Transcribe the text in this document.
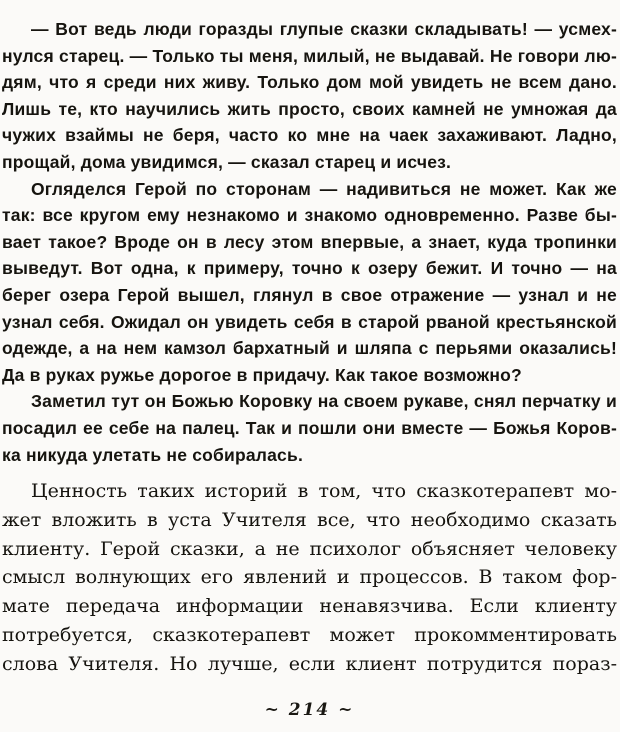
— Вот ведь люди горазды глупые сказки складывать! — усмех-
нулся старец. — Только ты меня, милый, не выдавай. Не говори лю-
дям, что я среди них живу. Только дом мой увидеть не всем дано.
Лишь те, кто научились жить просто, своих камней не умножая да
чужих взаймы не беря, часто ко мне на чаек захаживают. Ладно,
прощай, дома увидимся, — сказал старец и исчез.
Огляделся Герой по сторонам — надивиться не может. Как же
так: все кругом ему незнакомо и знакомо одновременно. Разве бы-
вает такое? Вроде он в лесу этом впервые, а знает, куда тропинки
выведут. Вот одна, к примеру, точно к озеру бежит. И точно — на
берег озера Герой вышел, глянул в свое отражение — узнал и не
узнал себя. Ожидал он увидеть себя в старой рваной крестьянской
одежде, а на нем камзол бархатный и шляпа с перьями оказались!
Да в руках ружье дорогое в придачу. Как такое возможно?
Заметил тут он Божью Коровку на своем рукаве, снял перчатку и
посадил ее себе на палец. Так и пошли они вместе — Божья Коров-
ка никуда улетать не собиралась.
Ценность таких историй в том, что сказкотерапевт мо-
жет вложить в уста Учителя все, что необходимо сказать
клиенту. Герой сказки, а не психолог объясняет человеку
смысл волнующих его явлений и процессов. В таком фор-
мате передача информации ненавязчива. Если клиенту
потребуется, сказкотерапевт может прокомментировать
слова Учителя. Но лучше, если клиент потрудится пораз-
~ 214 ~
